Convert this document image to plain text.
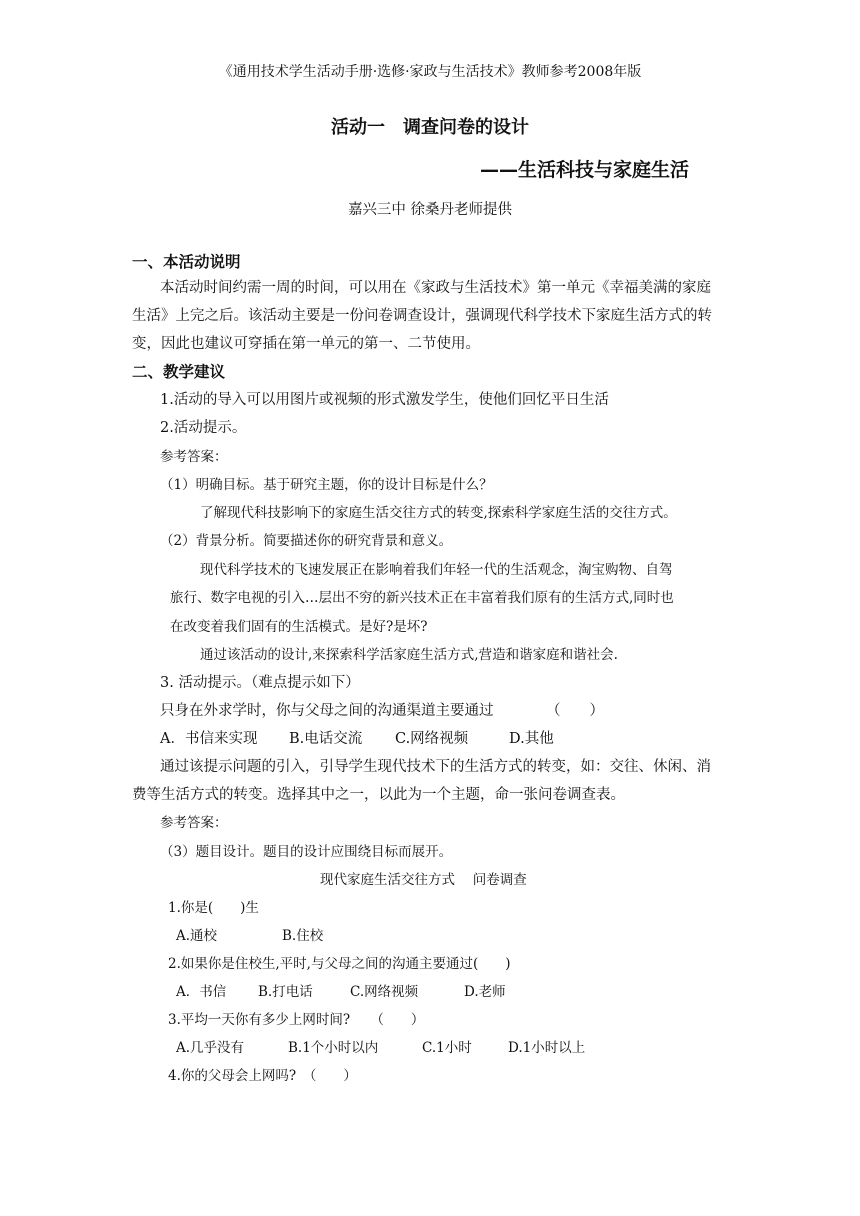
《通用技术学生活动手册·选修·家政与生活技术》教师参考2008年版
活动一　调查问卷的设计
——生活科技与家庭生活
嘉兴三中 徐桑丹老师提供
一、本活动说明
本活动时间约需一周的时间，可以用在《家政与生活技术》第一单元《幸福美满的家庭
生活》上完之后。该活动主要是一份问卷调查设计，强调现代科学技术下家庭生活方式的转
变，因此也建议可穿插在第一单元的第一、二节使用。
二、教学建议
1.活动的导入可以用图片或视频的形式激发学生，使他们回忆平日生活
2.活动提示。
参考答案：
（1）明确目标。基于研究主题，你的设计目标是什么？
了解现代科技影响下的家庭生活交往方式的转变,探索科学家庭生活的交往方式。
（2）背景分析。简要描述你的研究背景和意义。
现代科学技术的飞速发展正在影响着我们年轻一代的生活观念，淘宝购物、自驾
旅行、数字电视的引入…层出不穷的新兴技术正在丰富着我们原有的生活方式,同时也
在改变着我们固有的生活模式。是好?是坏?
通过该活动的设计,来探索科学活家庭生活方式,营造和谐家庭和谐社会.
3. 活动提示。（难点提示如下）
只身在外求学时，你与父母之间的沟通渠道主要通过	（　　）
A．书信来实现 B.电话交流 C.网络视频	D.其他
通过该提示问题的引入，引导学生现代技术下的生活方式的转变，如：交往、休闲、消
费等生活方式的转变。选择其中之一，以此为一个主题，命一张问卷调查表。
参考答案：
（3）题目设计。题目的设计应围绕目标而展开。
现代家庭生活交往方式　 问卷调查
1.你是(　　)生
A.通校	B.住校
2.如果你是住校生,平时,与父母之间的沟通主要通过(　　)
A．书信 B.打电话	C.网络视频	D.老师
3.平均一天你有多少上网时间?　　（　　）
A.几乎没有	B.1个小时以内	C.1小时	D.1小时以上
4.你的父母会上网吗?　（　　）
